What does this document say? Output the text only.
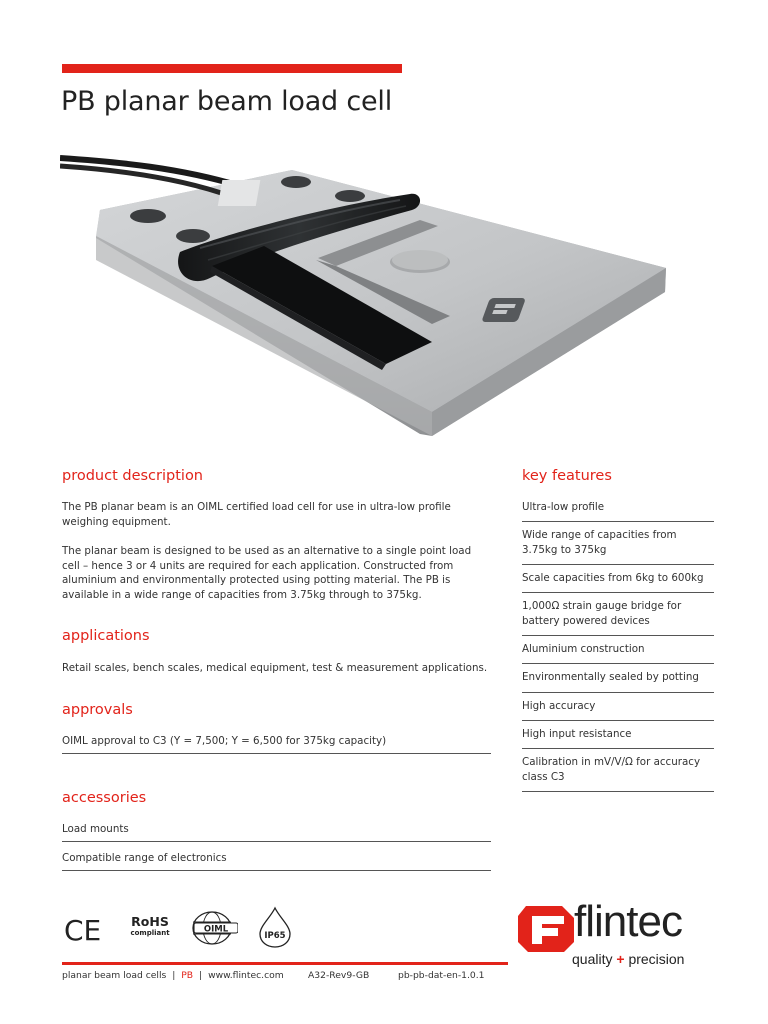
PB planar beam load cell
product description

The PB planar beam is an OIML certified load cell for use in ultra-low profile weighing equipment.

The planar beam is designed to be used as an alternative to a single point load cell – hence 3 or 4 units are required for each application. Constructed from aluminium and environmentally protected using potting material. The PB is available in a wide range of capacities from 3.75kg through to 375kg.

applications

Retail scales, bench scales, medical equipment, test & measurement applications.

approvals
OIML approval to C3 (Y = 7,500; Y = 6,500 for 375kg capacity)
accessories
Load mounts
Compatible range of electronics
key features
Ultra-low profile
Wide range of capacities from 3.75kg to 375kg
Scale capacities from 6kg to 600kg
1,000Ω strain gauge bridge for battery powered devices
Aluminium construction
Environmentally sealed by potting
High accuracy
High input resistance
Calibration in mV/V/Ω for accuracy class C3
CE RoHS
compliant	OIML
IP65	flintec
quality + precision
planar beam load cells | PB | www.flintec.com	A32-Rev9-GB	pb-pb-dat-en-1.0.1
